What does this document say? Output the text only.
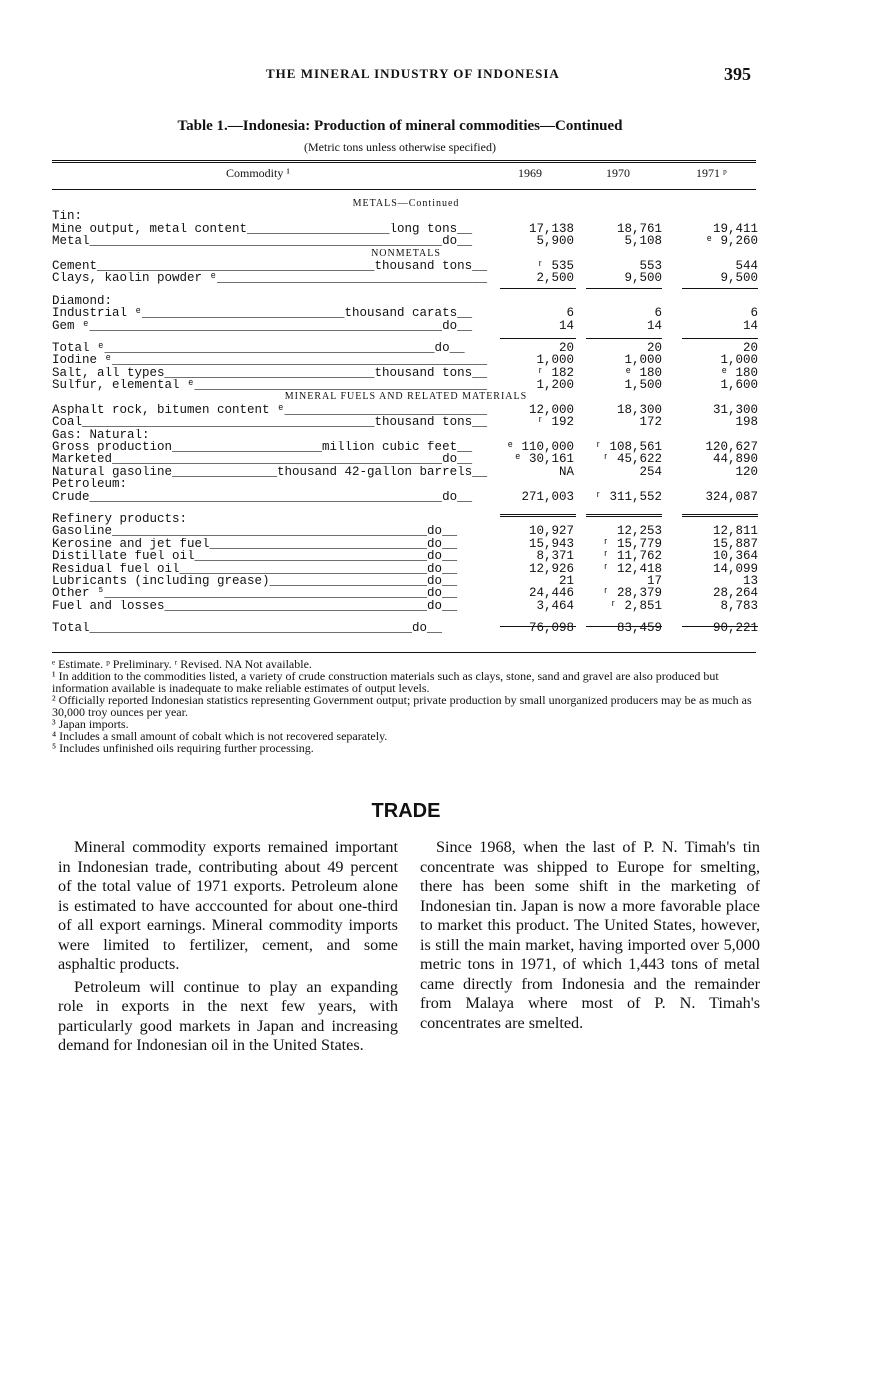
THE MINERAL INDUSTRY OF INDONESIA	395
Table 1.—Indonesia: Production of mineral commodities—Continued
(Metric tons unless otherwise specified)
Commodity ¹	1969	1970	1971 ᵖ
METALS—Continued
Tin:
Mine output, metal content___________________long tons__	17,138	18,761	19,411
Metal_______________________________________________do__	5,900	5,108	ᵉ 9,260
NONMETALS
Cement_____________________________________thousand tons__	ʳ 535	553	544
Clays, kaolin powder ᵉ____________________________________	2,500	9,500	9,500
Diamond:
Industrial ᵉ___________________________thousand carats__	6	6	6
Gem ᵉ_______________________________________________do__	14	14	14
Total ᵉ____________________________________________do__	20	20	20
Iodine ᵉ__________________________________________________	1,000	1,000	1,000
Salt, all types____________________________thousand tons__	ʳ 182	ᵉ 180	ᵉ 180
Sulfur, elemental ᵉ_______________________________________	1,200	1,500	1,600
MINERAL FUELS AND RELATED MATERIALS
Asphalt rock, bitumen content ᵉ___________________________	12,000	18,300	31,300
Coal_______________________________________thousand tons__	ʳ 192	172	198
Gas: Natural:
Gross production____________________million cubic feet__	ᵉ 110,000	ʳ 108,561	120,627
Marketed____________________________________________do__	ᵉ 30,161	ʳ 45,622	44,890
Natural gasoline______________thousand 42-gallon barrels__	NA	254	120
Petroleum:
Crude_______________________________________________do__	271,003	ʳ 311,552	324,087
Refinery products:
Gasoline__________________________________________do__	10,927	12,253	12,811
Kerosine and jet fuel_____________________________do__	15,943	ʳ 15,779	15,887
Distillate fuel oil_______________________________do__	8,371	ʳ 11,762	10,364
Residual fuel oil_________________________________do__	12,926	ʳ 12,418	14,099
Lubricants (including grease)_____________________do__	21	17	13
Other ⁵___________________________________________do__	24,446	ʳ 28,379	28,264
Fuel and losses___________________________________do__	3,464	ʳ 2,851	8,783
Total___________________________________________do__	76,098	83,459	90,221

ᵉ Estimate. ᵖ Preliminary. ʳ Revised. NA Not available.

¹ In addition to the commodities listed, a variety of crude construction materials such as clays, stone, sand and gravel are also produced but information available is inadequate to make reliable estimates of output levels.

² Officially reported Indonesian statistics representing Government output; private production by small unorganized producers may be as much as 30,000 troy ounces per year.

³ Japan imports.

⁴ Includes a small amount of cobalt which is not recovered separately.

⁵ Includes unfinished oils requiring further processing.

TRADE

Mineral commodity exports remained important in Indonesian trade, contributing about 49 percent of the total value of 1971 exports. Petroleum alone is estimated to have acccounted for about one-third of all export earnings. Mineral commodity imports were limited to fertilizer, cement, and some asphaltic products.

Petroleum will continue to play an expanding role in exports in the next few years, with particularly good markets in Japan and increasing demand for Indonesian oil in the United States.

Since 1968, when the last of P. N. Timah's tin concentrate was shipped to Europe for smelting, there has been some shift in the marketing of Indonesian tin. Japan is now a more favorable place to market this product. The United States, however, is still the main market, having imported over 5,000 metric tons in 1971, of which 1,443 tons of metal came directly from Indonesia and the remainder from Malaya where most of P. N. Timah's concentrates are smelted.
